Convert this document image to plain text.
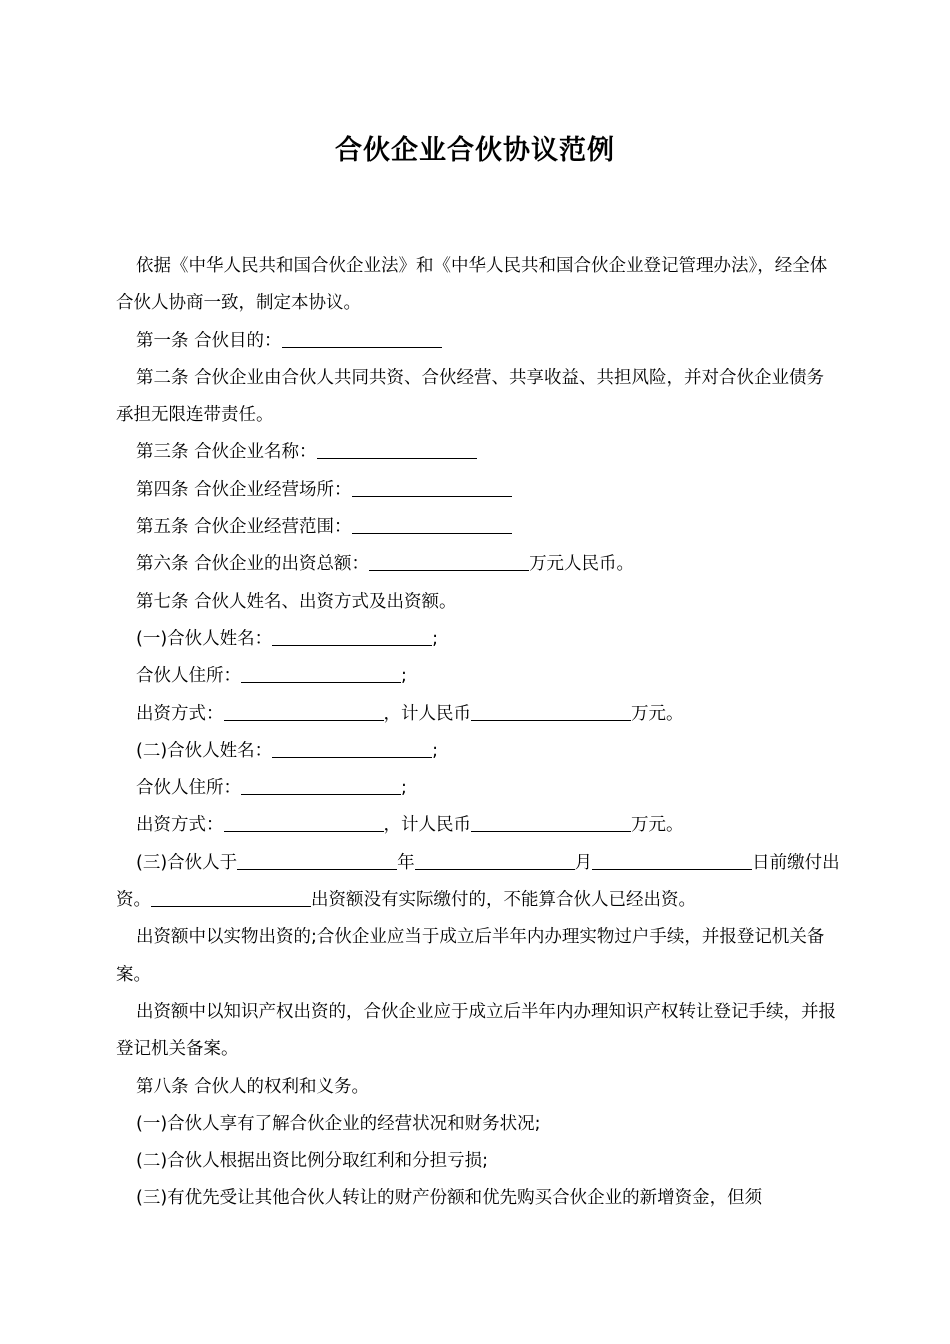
合伙企业合伙协议范例

依据《中华人民共和国合伙企业法》和《中华人民共和国合伙企业登记管理办法》，经全体合伙人协商一致，制定本协议。

第一条 合伙目的：

第二条 合伙企业由合伙人共同共资、合伙经营、共享收益、共担风险，并对合伙企业债务承担无限连带责任。

第三条 合伙企业名称：

第四条 合伙企业经营场所：

第五条 合伙企业经营范围：

第六条 合伙企业的出资总额：	万元人民币。

第七条 合伙人姓名、出资方式及出资额。

(一)合伙人姓名：	;

合伙人住所：	;

出资方式：	，计人民币	万元。

(二)合伙人姓名：	;

合伙人住所：	;

出资方式：	，计人民币	万元。

(三)合伙人于	年	月	日前缴付出资。	出资额没有实际缴付的，不能算合伙人已经出资。

出资额中以实物出资的;合伙企业应当于成立后半年内办理实物过户手续，并报登记机关备案。

出资额中以知识产权出资的，合伙企业应于成立后半年内办理知识产权转让登记手续，并报登记机关备案。

第八条 合伙人的权利和义务。

(一)合伙人享有了解合伙企业的经营状况和财务状况;

(二)合伙人根据出资比例分取红利和分担亏损;

(三)有优先受让其他合伙人转让的财产份额和优先购买合伙企业的新增资金，但须
